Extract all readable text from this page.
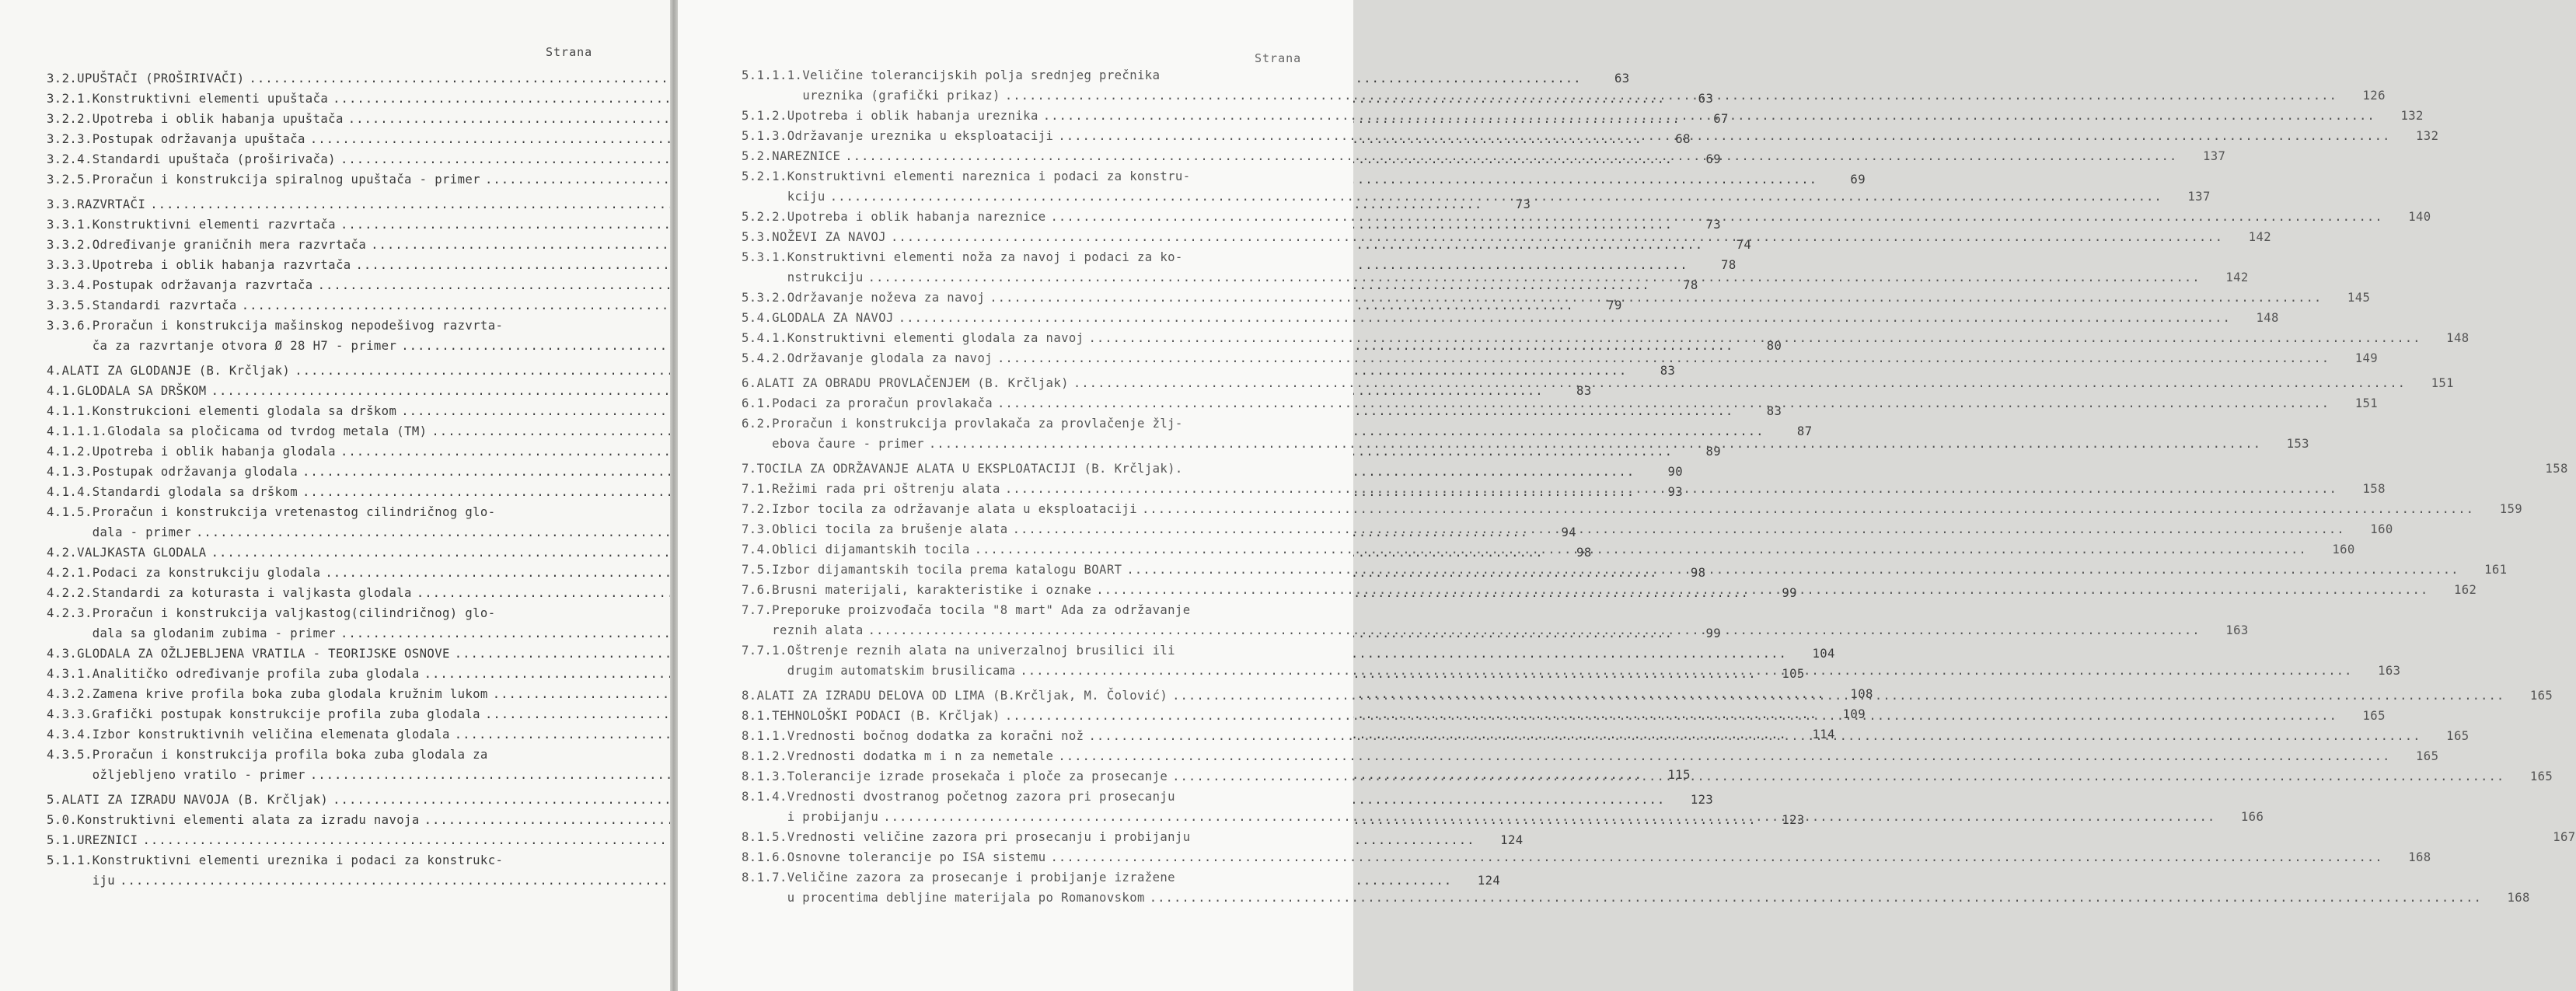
Strana
3.2. UPUŠTAČI (PROŠIRIVAČI) .....	63
3.2.1. Konstruktivni elementi upuštača .....	63
3.2.2. Upotreba i oblik habanja upuštača .....	67
3.2.3. Postupak održavanja upuštača .....	68
3.2.4. Standardi upuštača (proširivača) .....	69
3.2.5. Proračun i konstrukcija spiralnog upuštača - primer .....	69
3.3. RAZVRTAČI .....	73
3.3.1. Konstruktivni elementi razvrtača .....	73
3.3.2. Određivanje graničnih mera razvrtača .....	74
3.3.3. Upotreba i oblik habanja razvrtača .....	78
3.3.4. Postupak održavanja razvrtača .....	78
3.3.5. Standardi razvrtača .....	79
3.3.6. Proračun i konstrukcija mašinskog nepodešivog razvrta-
ča za razvrtanje otvora Ø 28 H7 - primer .....	80
4. ALATI ZA GLODANJE (B. Krčljak) .....	83
4.1. GLODALA SA DRŠKOM .....	83
4.1.1. Konstrukcioni elementi glodala sa drškom .....	83
4.1.1.1. Glodala sa pločicama od tvrdog metala (TM) .....	87
4.1.2. Upotreba i oblik habanja glodala .....	89
4.1.3. Postupak održavanja glodala .....	90
4.1.4. Standardi glodala sa drškom .....	93
4.1.5. Proračun i konstrukcija vretenastog cilindričnog glo-
dala - primer .....	94
4.2. VALJKASTA GLODALA .....	98
4.2.1. Podaci za konstrukciju glodala .....	98
4.2.2. Standardi za koturasta i valjkasta glodala .....	99
4.2.3. Proračun i konstrukcija valjkastog(cilindričnog) glo-
dala sa glodanim zubima - primer .....	99
4.3. GLODALA ZA OŽLJEBLJENA VRATILA - TEORIJSKE OSNOVE .....	104
4.3.1. Analitičko određivanje profila zuba glodala .....	105
4.3.2. Zamena krive profila boka zuba glodala kružnim lukom .....	108
4.3.3. Grafički postupak konstrukcije profila zuba glodala .....	109
4.3.4. Izbor konstruktivnih veličina elemenata glodala .....	114
4.3.5. Proračun i konstrukcija profila boka zuba glodala za
ožljebljeno vratilo - primer .....	115
5. ALATI ZA IZRADU NAVOJA (B. Krčljak) .....	123
5.0. Konstruktivni elementi alata za izradu navoja .....	123
5.1. UREZNICI .....	124
5.1.1. Konstruktivni elementi ureznika i podaci za konstrukc-
iju .....	124
Strana
5.1.1.1. Veličine tolerancijskih polja srednjeg prečnika
ureznika (grafički prikaz) .....	126
5.1.2. Upotreba i oblik habanja ureznika .....	132
5.1.3. Održavanje ureznika u eksploataciji .....	132
5.2. NAREZNICE .....	137
5.2.1. Konstruktivni elementi nareznica i podaci za konstru-
kciju .....	137
5.2.2. Upotreba i oblik habanja nareznice .....	140
5.3. NOŽEVI ZA NAVOJ .....	142
5.3.1. Konstruktivni elementi noža za navoj i podaci za ko-
nstrukciju .....	142
5.3.2. Održavanje noževa za navoj .....	145
5.4. GLODALA ZA NAVOJ .....	148
5.4.1. Konstruktivni elementi glodala za navoj .....	148
5.4.2. Održavanje glodala za navoj .....	149
6. ALATI ZA OBRADU PROVLAČENJEM (B. Krčljak) .....	151
6.1. Podaci za proračun provlakača .....	151
6.2. Proračun i konstrukcija provlakača za provlačenje žlj-
ebova čaure - primer .....	153
7. TOCILA ZA ODRŽAVANJE ALATA U EKSPLOATACIJI (B. Krčljak).	158
7.1. Režimi rada pri oštrenju alata .....	158
7.2. Izbor tocila za održavanje alata u eksploataciji .....	159
7.3. Oblici tocila za brušenje alata .....	160
7.4. Oblici dijamantskih tocila .....	160
7.5. Izbor dijamantskih tocila prema katalogu BOART .....	161
7.6. Brusni materijali, karakteristike i oznake .....	162
7.7. Preporuke proizvođača tocila "8 mart" Ada za održavanje
reznih alata .....	163
7.7.1. Oštrenje reznih alata na univerzalnoj brusilici ili
drugim automatskim brusilicama .....	163
8. ALATI ZA IZRADU DELOVA OD LIMA (B.Krčljak, M. Čolović) .....	165
8.1. TEHNOLOŠKI PODACI (B. Krčljak) .....	165
8.1.1. Vrednosti bočnog dodatka za koračni nož .....	165
8.1.2. Vrednosti dodatka m i n za nemetale .....	165
8.1.3. Tolerancije izrade prosekača i ploče za prosecanje .....	165
8.1.4. Vrednosti dvostranog početnog zazora pri prosecanju
i probijanju .....	166
8.1.5. Vrednosti veličine zazora pri prosecanju i probijanju	167
8.1.6. Osnovne tolerancije po ISA sistemu .....	168
8.1.7. Veličine zazora za prosecanje i probijanje izražene
u procentima debljine materijala po Romanovskom .....	168
